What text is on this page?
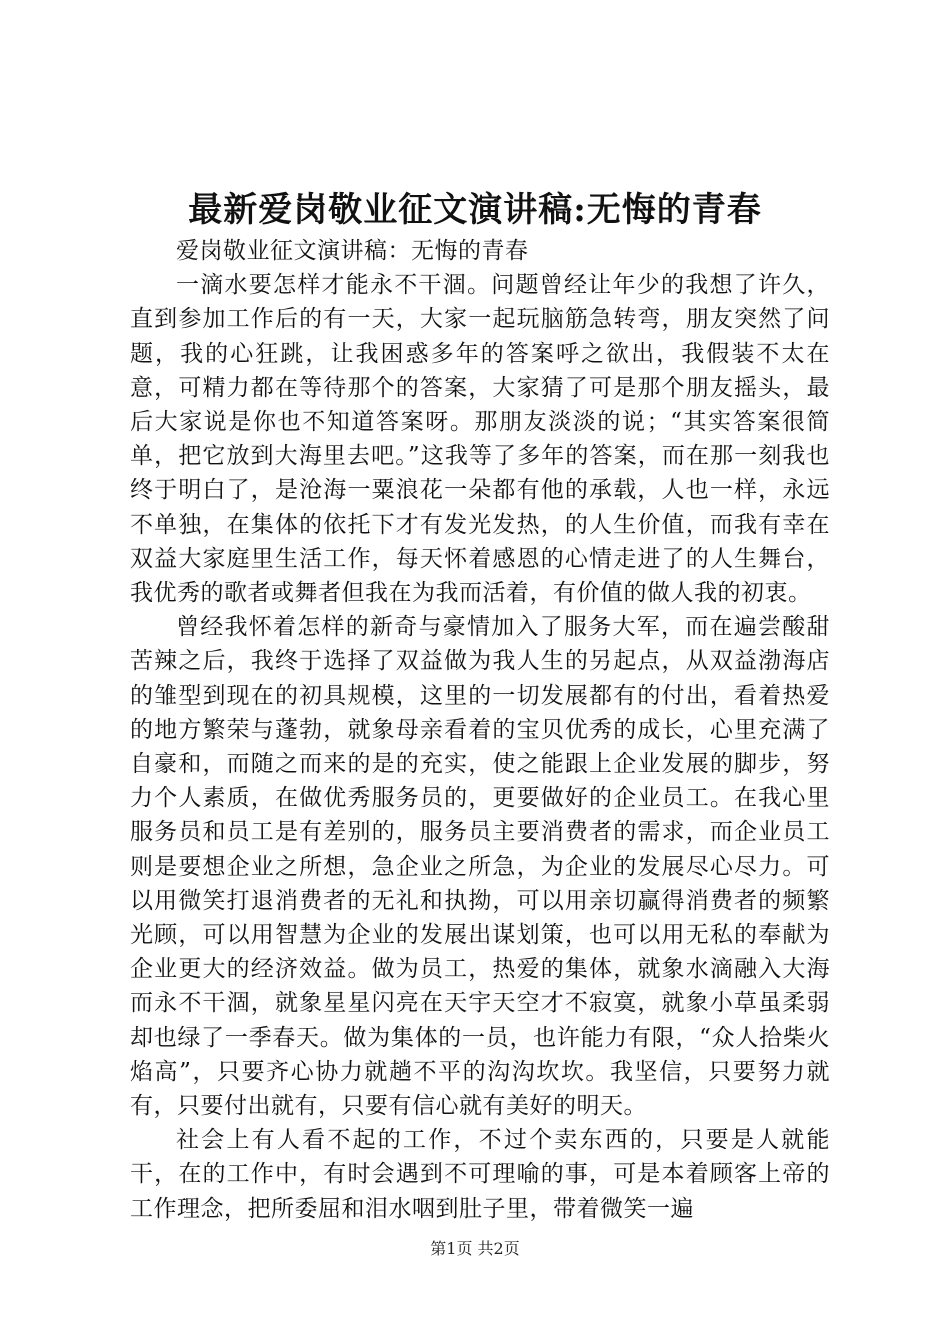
最新爱岗敬业征文演讲稿:无悔的青春

爱岗敬业征文演讲稿：无悔的青春

一滴水要怎样才能永不干涸。问题曾经让年少的我想了许久，直到参加工作后的有一天，大家一起玩脑筋急转弯，朋友突然了问题，我的心狂跳，让我困惑多年的答案呼之欲出，我假装不太在意，可精力都在等待那个的答案，大家猜了可是那个朋友摇头，最后大家说是你也不知道答案呀。那朋友淡淡的说；“其实答案很简单，把它放到大海里去吧。”这我等了多年的答案，而在那一刻我也终于明白了，是沧海一粟浪花一朵都有他的承载，人也一样，永远不单独，在集体的依托下才有发光发热，的人生价值，而我有幸在双益大家庭里生活工作，每天怀着感恩的心情走进了的人生舞台，我优秀的歌者或舞者但我在为我而活着，有价值的做人我的初衷。

曾经我怀着怎样的新奇与豪情加入了服务大军，而在遍尝酸甜苦辣之后，我终于选择了双益做为我人生的另起点，从双益渤海店的雏型到现在的初具规模，这里的一切发展都有的付出，看着热爱的地方繁荣与蓬勃，就象母亲看着的宝贝优秀的成长，心里充满了自豪和，而随之而来的是的充实，使之能跟上企业发展的脚步，努力个人素质，在做优秀服务员的，更要做好的企业员工。在我心里服务员和员工是有差别的，服务员主要消费者的需求，而企业员工则是要想企业之所想，急企业之所急，为企业的发展尽心尽力。可以用微笑打退消费者的无礼和执拗，可以用亲切赢得消费者的频繁光顾，可以用智慧为企业的发展出谋划策，也可以用无私的奉献为企业更大的经济效益。做为员工，热爱的集体，就象水滴融入大海而永不干涸，就象星星闪亮在天宇天空才不寂寞，就象小草虽柔弱却也绿了一季春天。做为集体的一员，也许能力有限，“众人拾柴火焰高”，只要齐心协力就趟不平的沟沟坎坎。我坚信，只要努力就有，只要付出就有，只要有信心就有美好的明天。

社会上有人看不起的工作，不过个卖东西的，只要是人就能干，在的工作中，有时会遇到不可理喻的事，可是本着顾客上帝的工作理念，把所委屈和泪水咽到肚子里，带着微笑一遍

第1页 共2页
